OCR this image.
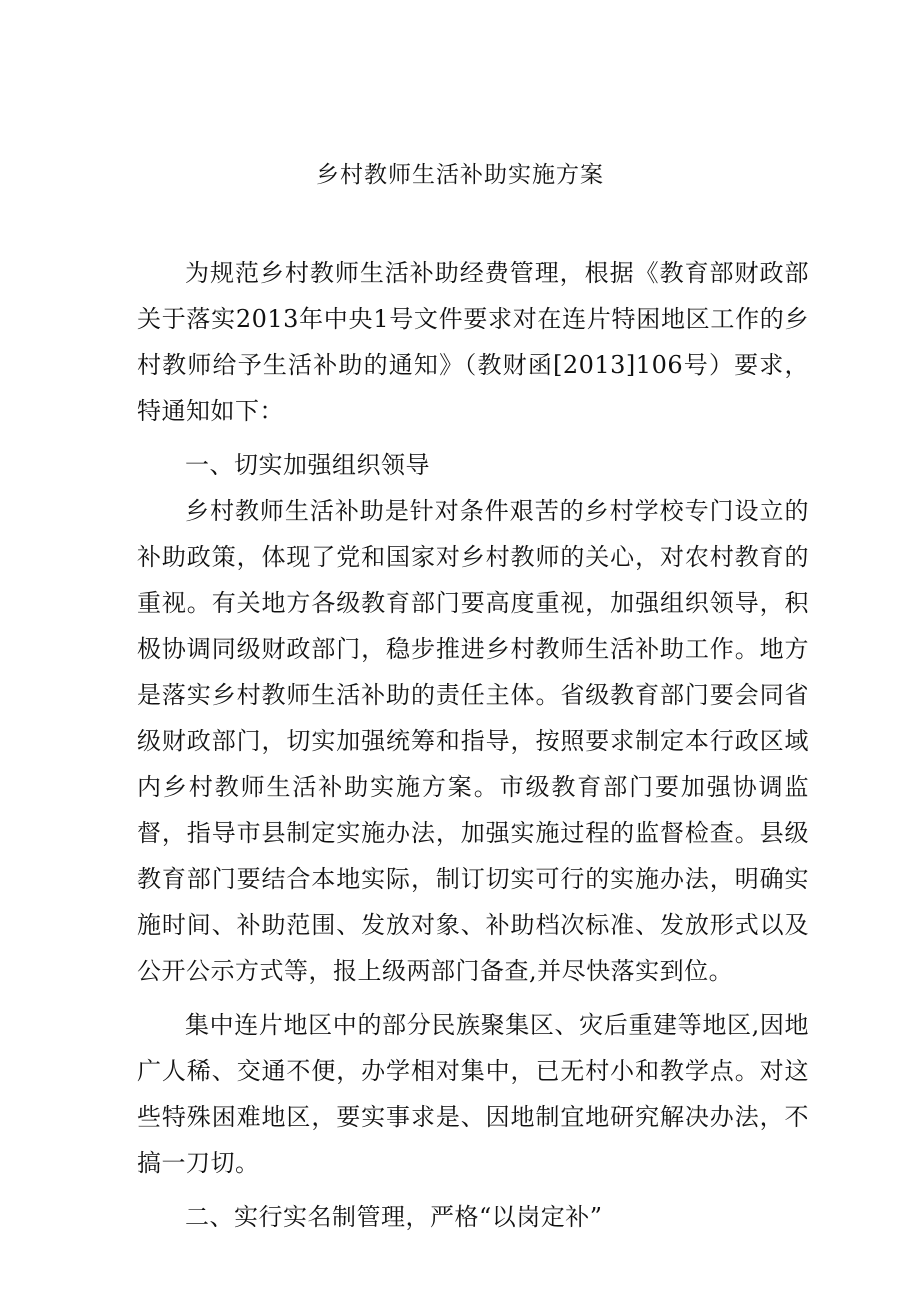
乡村教师生活补助实施方案

为规范乡村教师生活补助经费管理，根据《教育部财政部关于落实2013年中央1号文件要求对在连片特困地区工作的乡村教师给予生活补助的通知》（教财函[2013]106号）要求，特通知如下：

一、切实加强组织领导

乡村教师生活补助是针对条件艰苦的乡村学校专门设立的补助政策，体现了党和国家对乡村教师的关心，对农村教育的重视。有关地方各级教育部门要高度重视，加强组织领导，积极协调同级财政部门，稳步推进乡村教师生活补助工作。地方是落实乡村教师生活补助的责任主体。省级教育部门要会同省级财政部门，切实加强统筹和指导，按照要求制定本行政区域内乡村教师生活补助实施方案。市级教育部门要加强协调监督，指导市县制定实施办法，加强实施过程的监督检查。县级教育部门要结合本地实际，制订切实可行的实施办法，明确实施时间、补助范围、发放对象、补助档次标准、发放形式以及公开公示方式等，报上级两部门备查,并尽快落实到位。

集中连片地区中的部分民族聚集区、灾后重建等地区,因地广人稀、交通不便，办学相对集中，已无村小和教学点。对这些特殊困难地区，要实事求是、因地制宜地研究解决办法，不搞一刀切。

二、实行实名制管理，严格“以岗定补”
